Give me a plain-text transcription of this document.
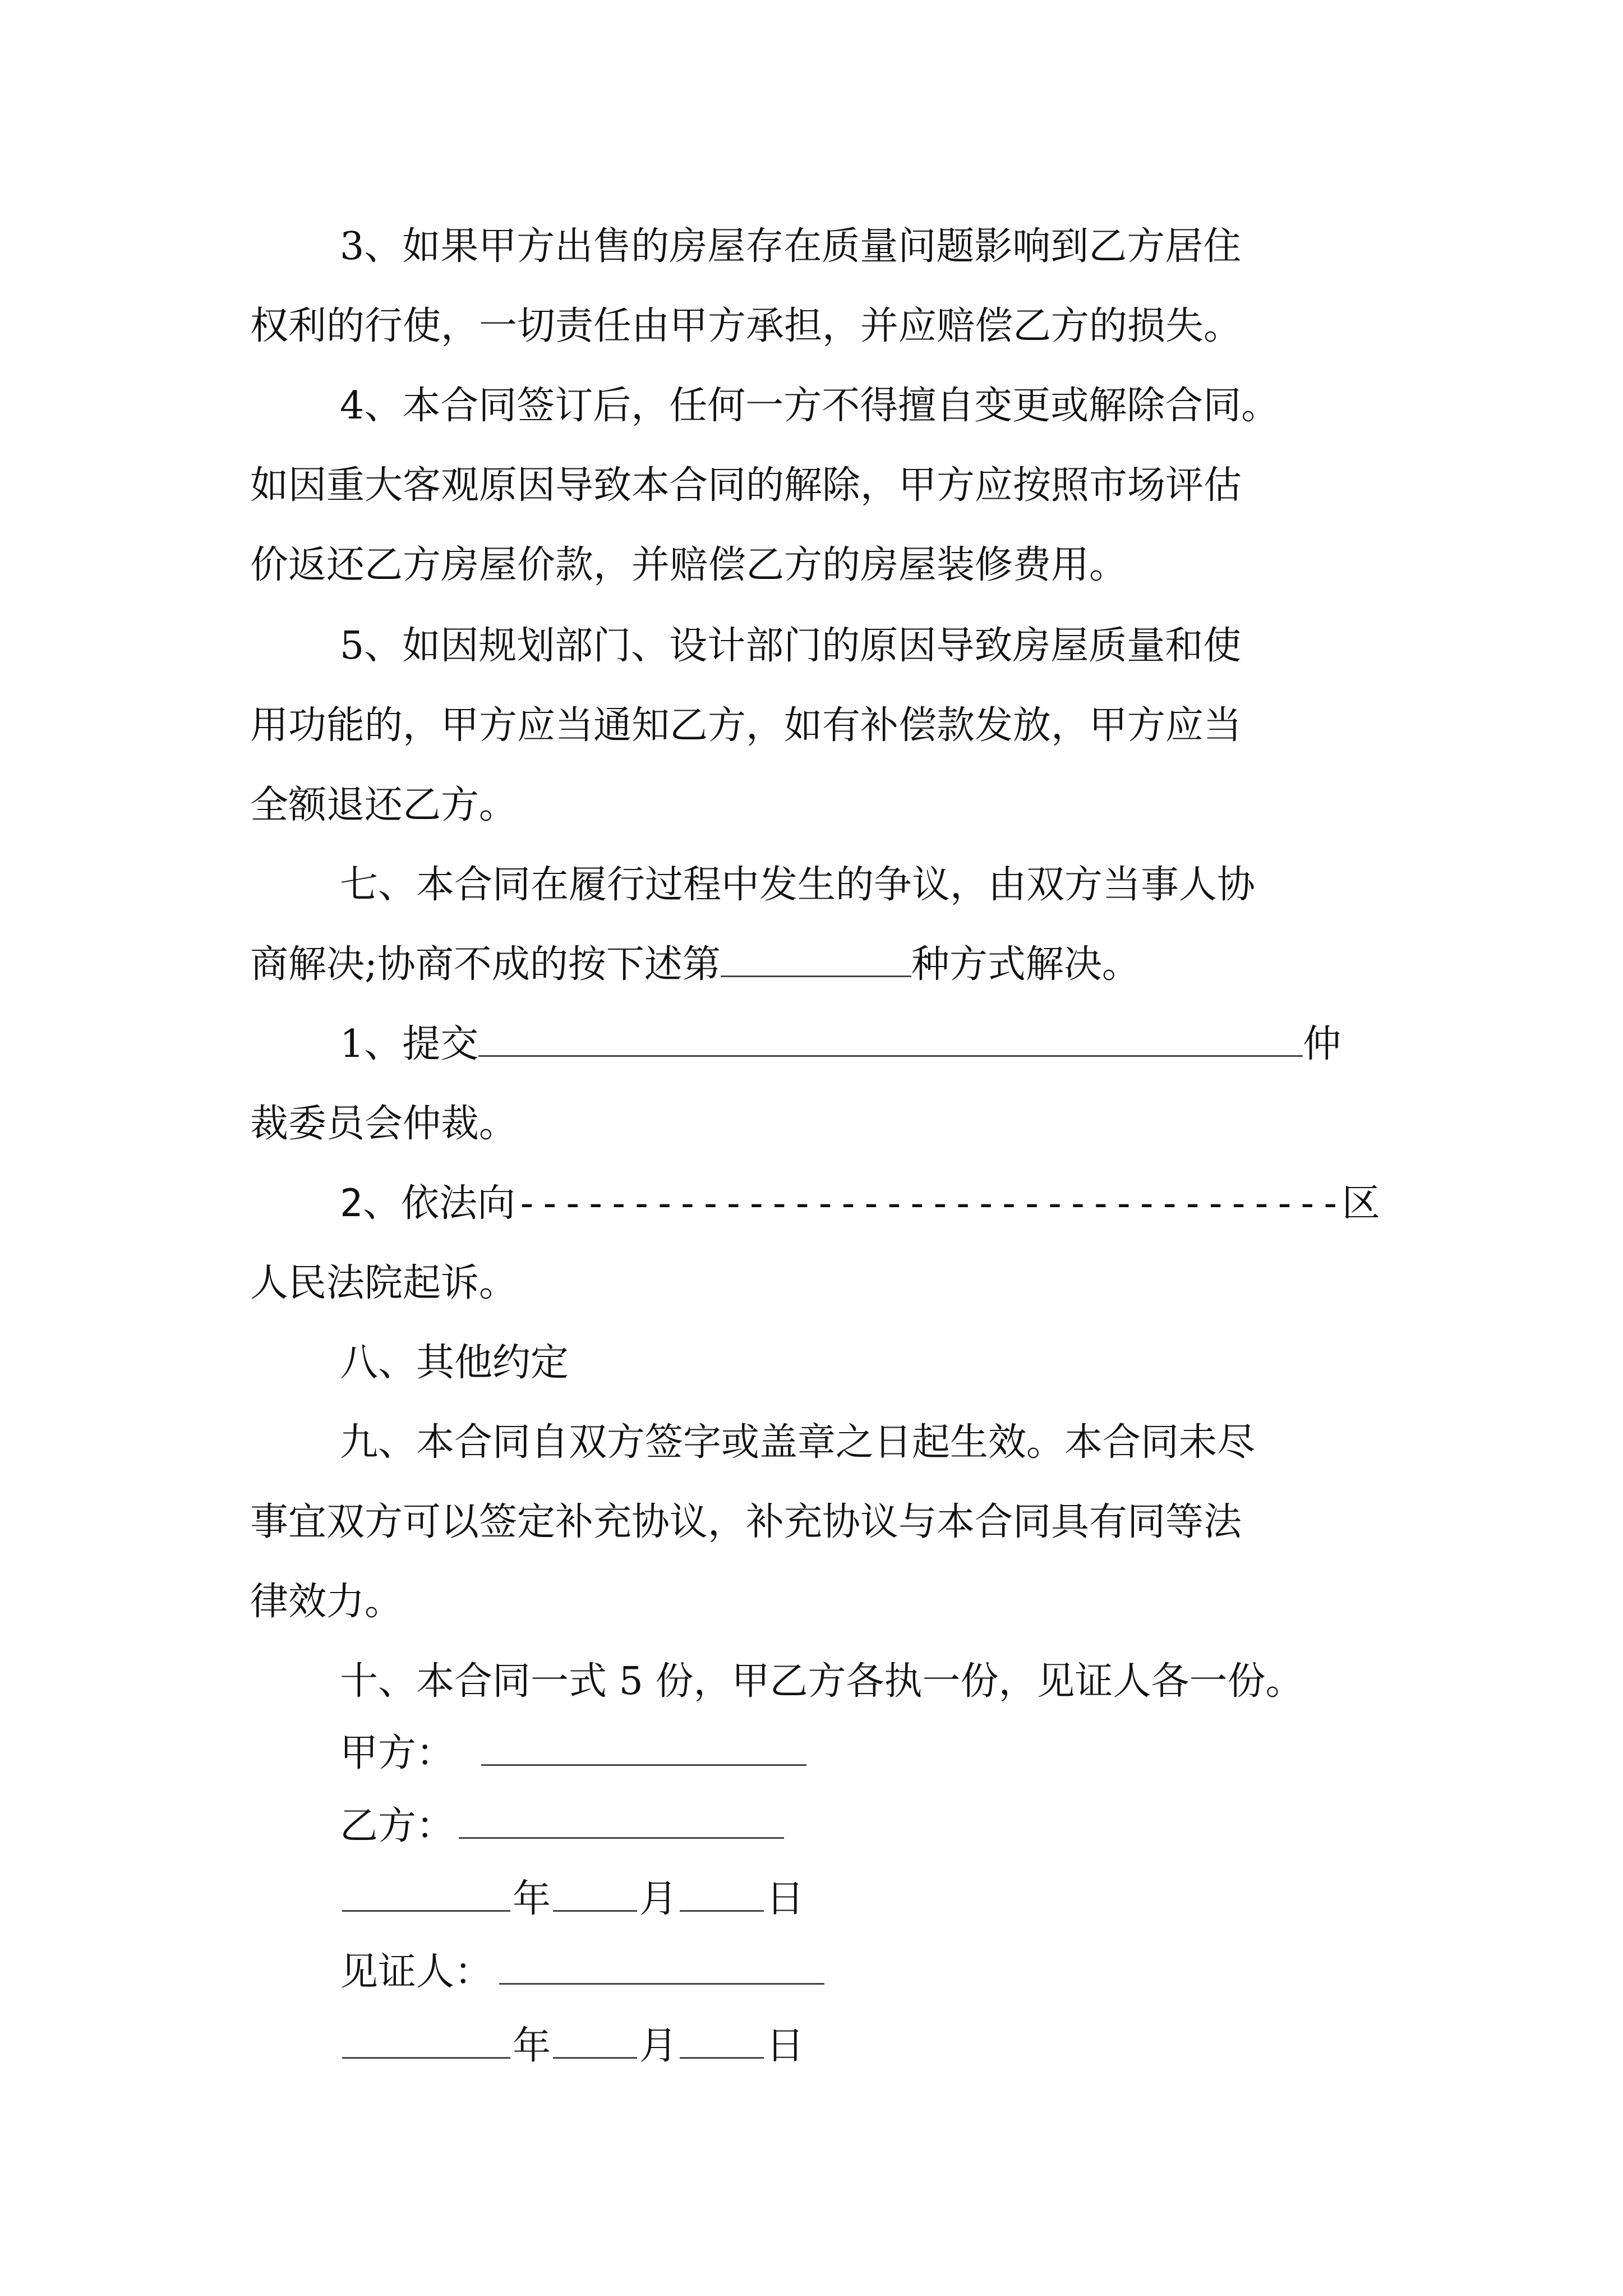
3、如果甲方出售的房屋存在质量问题影响到乙方居住
权利的行使，一切责任由甲方承担，并应赔偿乙方的损失。
4、本合同签订后，任何一方不得擅自变更或解除合同。
如因重大客观原因导致本合同的解除，甲方应按照市场评估
价返还乙方房屋价款，并赔偿乙方的房屋装修费用。
5、如因规划部门、设计部门的原因导致房屋质量和使
用功能的，甲方应当通知乙方，如有补偿款发放，甲方应当
全额退还乙方。
七、本合同在履行过程中发生的争议，由双方当事人协
商解决;协商不成的按下述第	种方式解决。
1、提交	仲
裁委员会仲裁。
2、依法向------------------------------------区
人民法院起诉。
八、其他约定
九、本合同自双方签字或盖章之日起生效。本合同未尽
事宜双方可以签定补充协议，补充协议与本合同具有同等法
律效力。
十、本合同一式 5 份，甲乙方各执一份，见证人各一份。
甲方：
乙方：
年 月 日
见证人：
年 月 日
